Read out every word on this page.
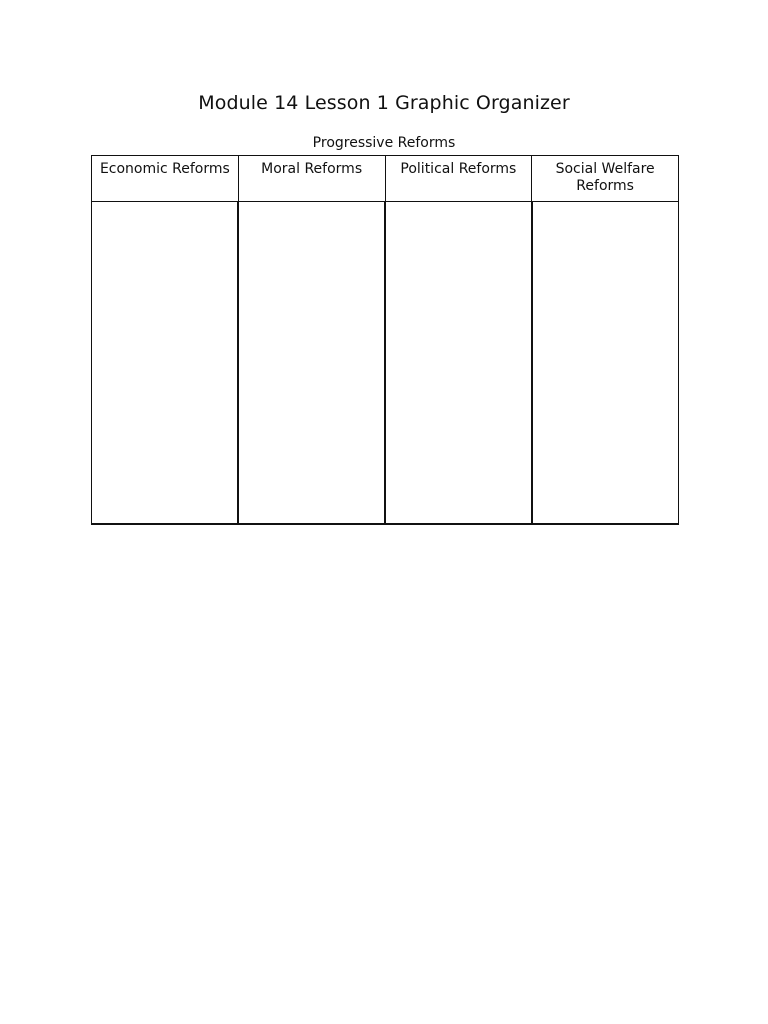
Module 14 Lesson 1 Graphic Organizer
Progressive Reforms
Economic Reforms	Moral Reforms	Political Reforms	Social Welfare Reforms
